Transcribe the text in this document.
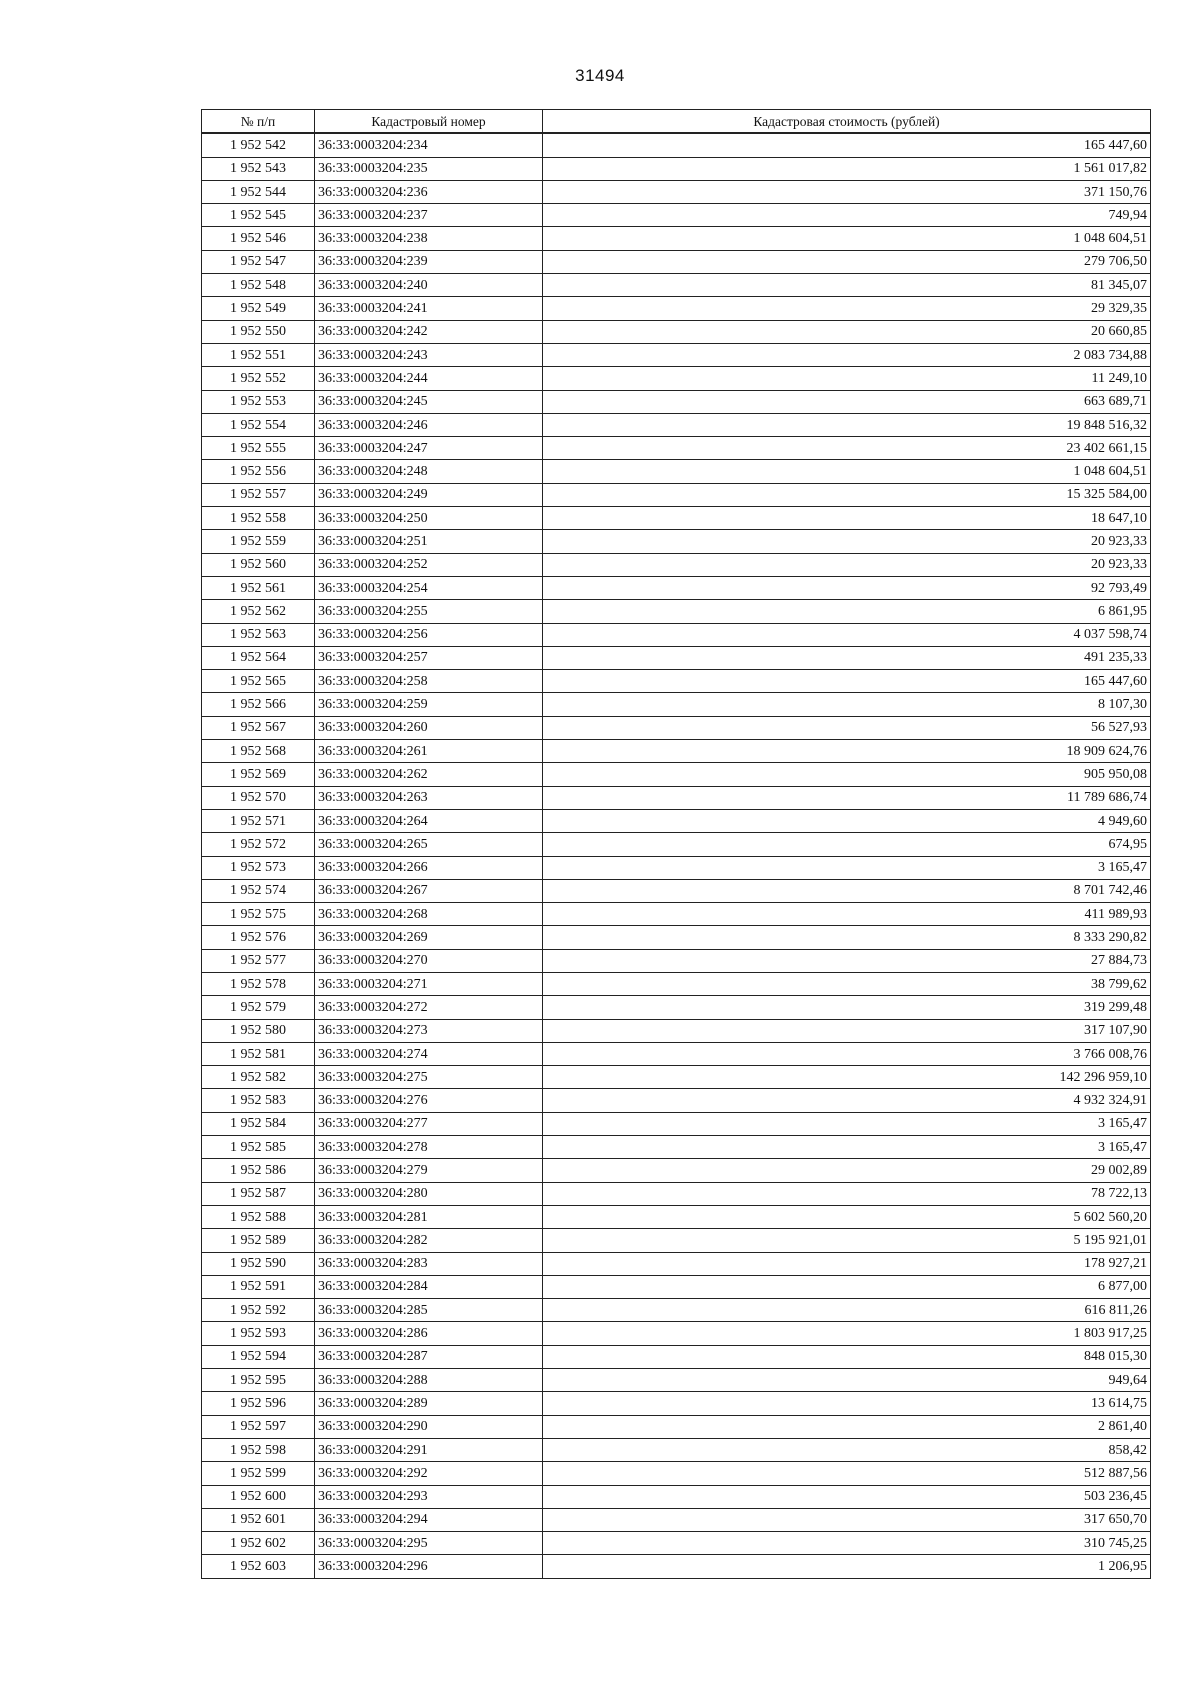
31494
№ п/п	Кадастровый номер	Кадастровая стоимость (рублей)
1 952 542	36:33:0003204:234	165 447,60
1 952 543	36:33:0003204:235	1 561 017,82
1 952 544	36:33:0003204:236	371 150,76
1 952 545	36:33:0003204:237	749,94
1 952 546	36:33:0003204:238	1 048 604,51
1 952 547	36:33:0003204:239	279 706,50
1 952 548	36:33:0003204:240	81 345,07
1 952 549	36:33:0003204:241	29 329,35
1 952 550	36:33:0003204:242	20 660,85
1 952 551	36:33:0003204:243	2 083 734,88
1 952 552	36:33:0003204:244	11 249,10
1 952 553	36:33:0003204:245	663 689,71
1 952 554	36:33:0003204:246	19 848 516,32
1 952 555	36:33:0003204:247	23 402 661,15
1 952 556	36:33:0003204:248	1 048 604,51
1 952 557	36:33:0003204:249	15 325 584,00
1 952 558	36:33:0003204:250	18 647,10
1 952 559	36:33:0003204:251	20 923,33
1 952 560	36:33:0003204:252	20 923,33
1 952 561	36:33:0003204:254	92 793,49
1 952 562	36:33:0003204:255	6 861,95
1 952 563	36:33:0003204:256	4 037 598,74
1 952 564	36:33:0003204:257	491 235,33
1 952 565	36:33:0003204:258	165 447,60
1 952 566	36:33:0003204:259	8 107,30
1 952 567	36:33:0003204:260	56 527,93
1 952 568	36:33:0003204:261	18 909 624,76
1 952 569	36:33:0003204:262	905 950,08
1 952 570	36:33:0003204:263	11 789 686,74
1 952 571	36:33:0003204:264	4 949,60
1 952 572	36:33:0003204:265	674,95
1 952 573	36:33:0003204:266	3 165,47
1 952 574	36:33:0003204:267	8 701 742,46
1 952 575	36:33:0003204:268	411 989,93
1 952 576	36:33:0003204:269	8 333 290,82
1 952 577	36:33:0003204:270	27 884,73
1 952 578	36:33:0003204:271	38 799,62
1 952 579	36:33:0003204:272	319 299,48
1 952 580	36:33:0003204:273	317 107,90
1 952 581	36:33:0003204:274	3 766 008,76
1 952 582	36:33:0003204:275	142 296 959,10
1 952 583	36:33:0003204:276	4 932 324,91
1 952 584	36:33:0003204:277	3 165,47
1 952 585	36:33:0003204:278	3 165,47
1 952 586	36:33:0003204:279	29 002,89
1 952 587	36:33:0003204:280	78 722,13
1 952 588	36:33:0003204:281	5 602 560,20
1 952 589	36:33:0003204:282	5 195 921,01
1 952 590	36:33:0003204:283	178 927,21
1 952 591	36:33:0003204:284	6 877,00
1 952 592	36:33:0003204:285	616 811,26
1 952 593	36:33:0003204:286	1 803 917,25
1 952 594	36:33:0003204:287	848 015,30
1 952 595	36:33:0003204:288	949,64
1 952 596	36:33:0003204:289	13 614,75
1 952 597	36:33:0003204:290	2 861,40
1 952 598	36:33:0003204:291	858,42
1 952 599	36:33:0003204:292	512 887,56
1 952 600	36:33:0003204:293	503 236,45
1 952 601	36:33:0003204:294	317 650,70
1 952 602	36:33:0003204:295	310 745,25
1 952 603	36:33:0003204:296	1 206,95
